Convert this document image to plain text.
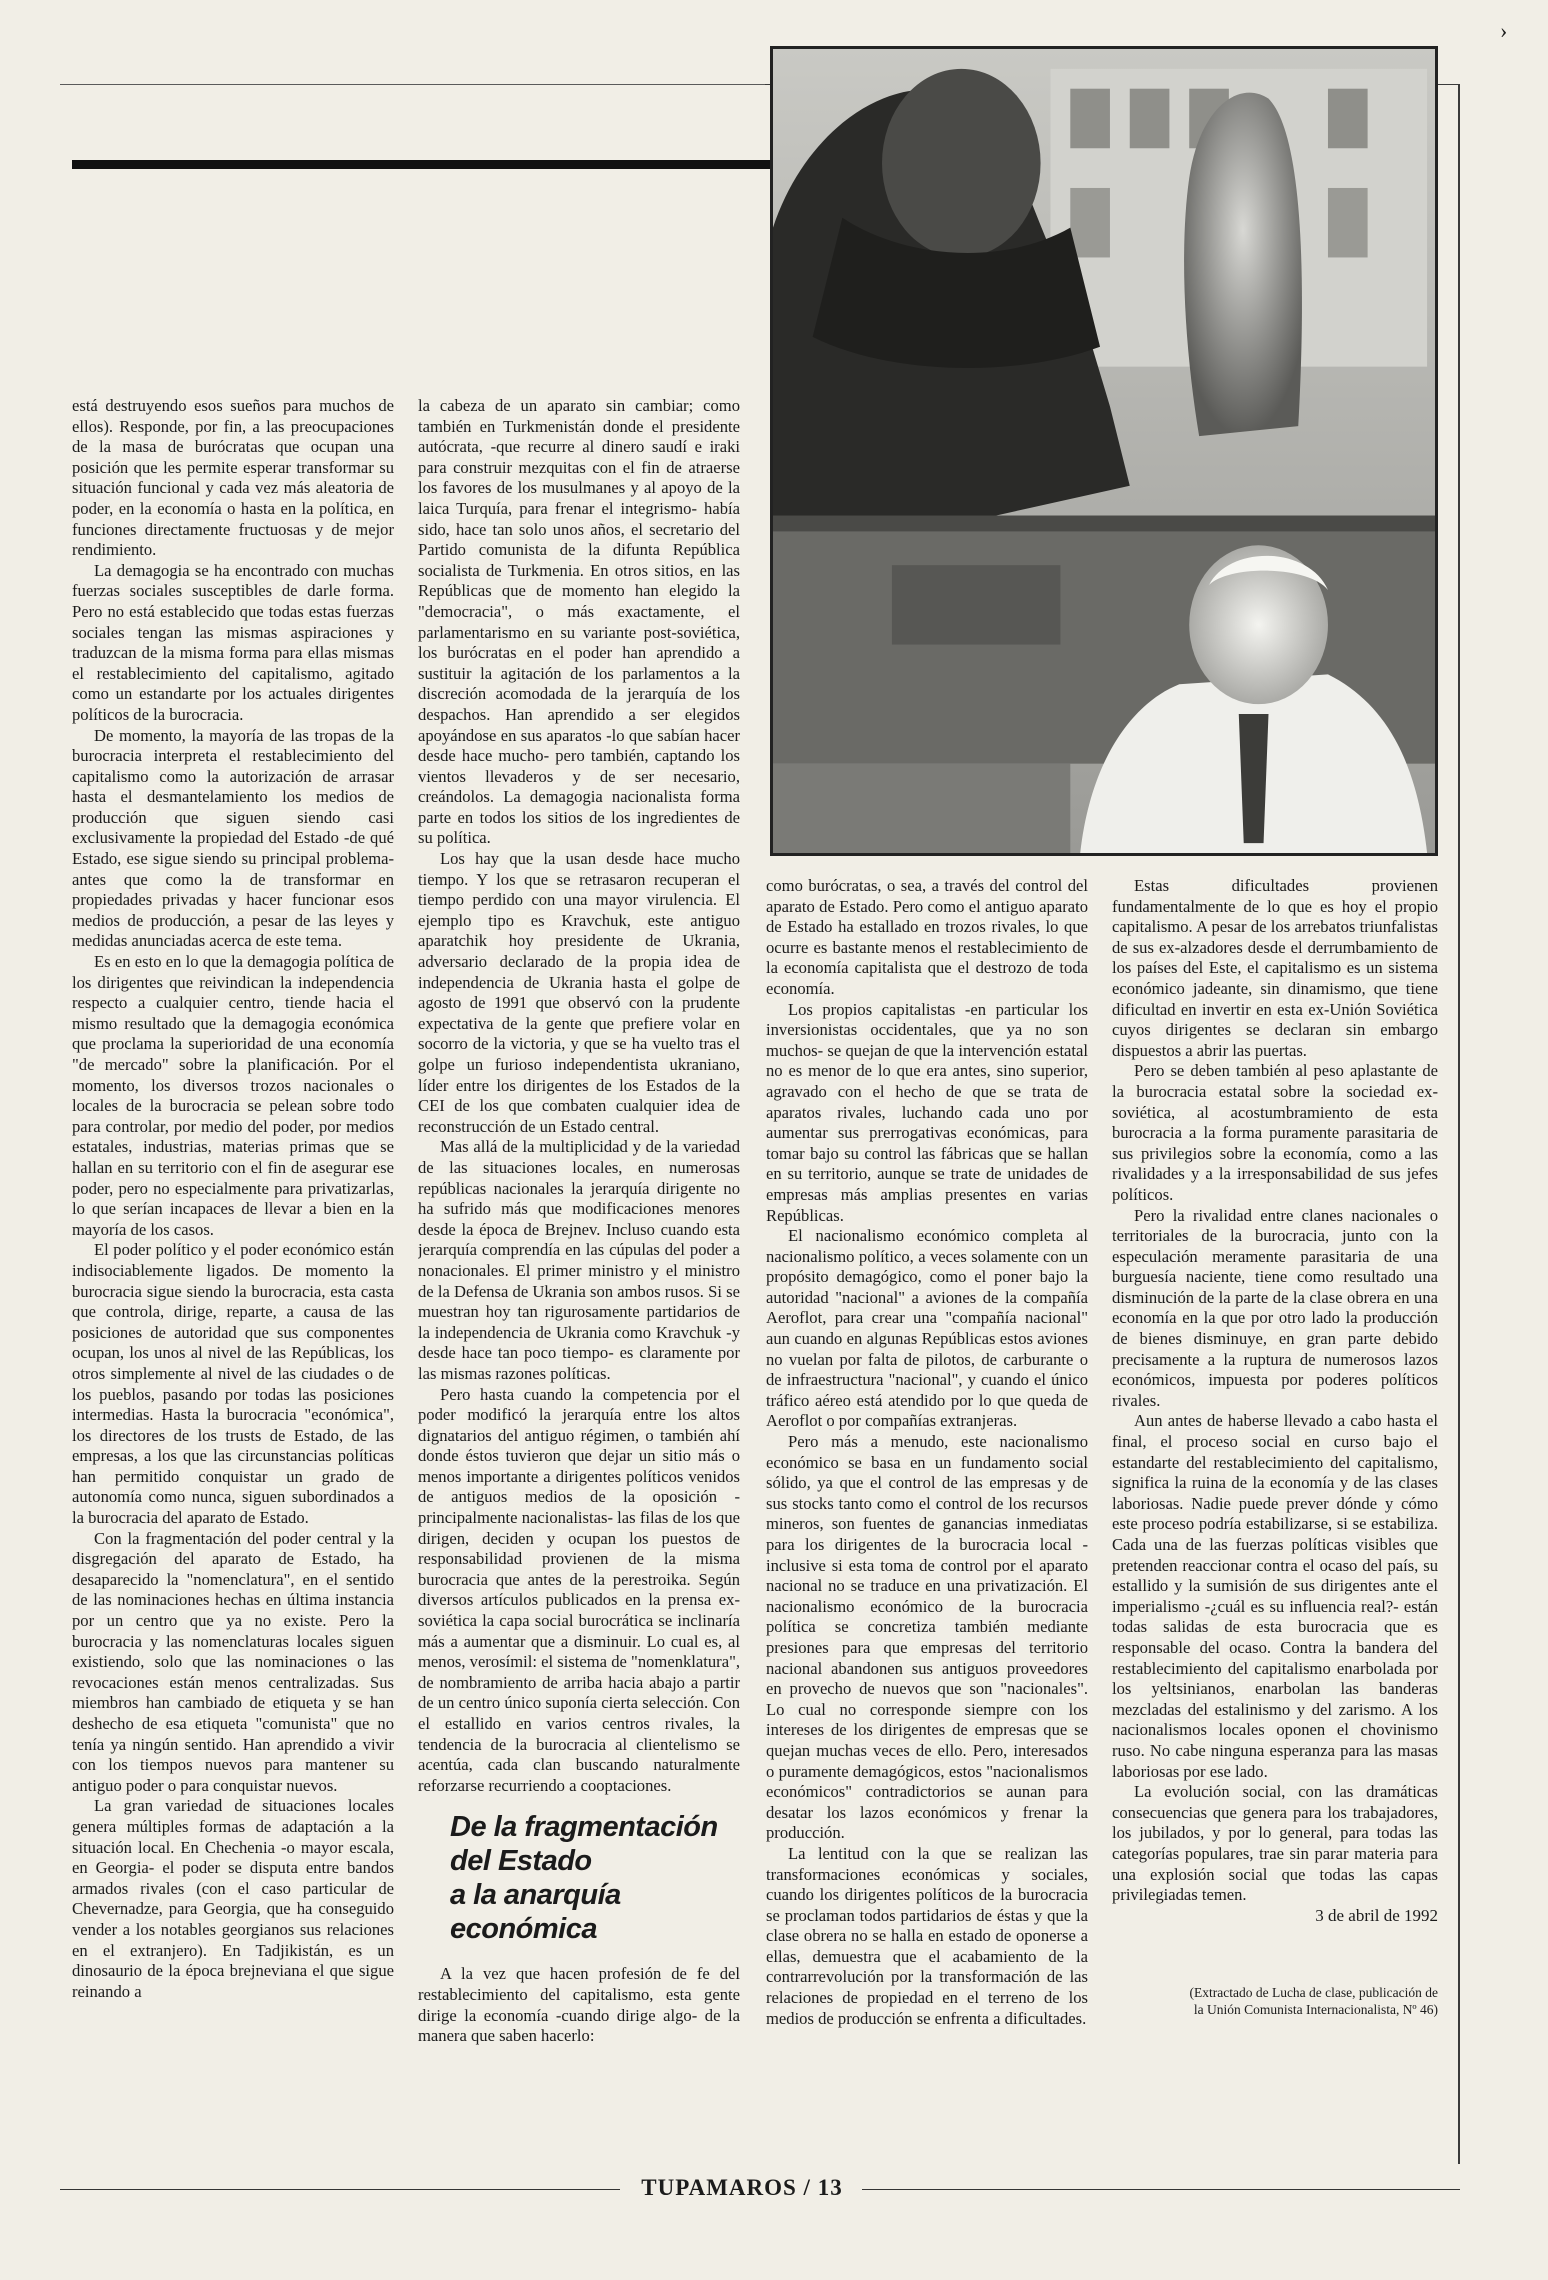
›

está destruyendo esos sueños para muchos de ellos). Responde, por fin, a las preocupaciones de la masa de burócratas que ocupan una posición que les permite esperar transformar su situación funcional y cada vez más aleatoria de poder, en la economía o hasta en la política, en funciones directamente fructuosas y de mejor rendimiento.

La demagogia se ha encontrado con muchas fuerzas sociales susceptibles de darle forma. Pero no está establecido que todas estas fuerzas sociales tengan las mismas aspiraciones y traduzcan de la misma forma para ellas mismas el restablecimiento del capitalismo, agitado como un estandarte por los actuales dirigentes políticos de la burocracia.

De momento, la mayoría de las tropas de la burocracia interpreta el restablecimiento del capitalismo como la autorización de arrasar hasta el desmantelamiento los medios de producción que siguen siendo casi exclusivamente la propiedad del Estado -de qué Estado, ese sigue siendo su principal problema- antes que como la de transformar en propiedades privadas y hacer funcionar esos medios de producción, a pesar de las leyes y medidas anunciadas acerca de este tema.

Es en esto en lo que la demagogia política de los dirigentes que reivindican la independencia respecto a cualquier centro, tiende hacia el mismo resultado que la demagogia económica que proclama la superioridad de una economía "de mercado" sobre la planificación. Por el momento, los diversos trozos nacionales o locales de la burocracia se pelean sobre todo para controlar, por medio del poder, por medios estatales, industrias, materias primas que se hallan en su territorio con el fin de asegurar ese poder, pero no especialmente para privatizarlas, lo que serían incapaces de llevar a bien en la mayoría de los casos.

El poder político y el poder económico están indisociablemente ligados. De momento la burocracia sigue siendo la burocracia, esta casta que controla, dirige, reparte, a causa de las posiciones de autoridad que sus componentes ocupan, los unos al nivel de las Repúblicas, los otros simplemente al nivel de las ciudades o de los pueblos, pasando por todas las posiciones intermedias. Hasta la burocracia "económica", los directores de los trusts de Estado, de las empresas, a los que las circunstancias políticas han permitido conquistar un grado de autonomía como nunca, siguen subordinados a la burocracia del aparato de Estado.

Con la fragmentación del poder central y la disgregación del aparato de Estado, ha desaparecido la "nomenclatura", en el sentido de las nominaciones hechas en última instancia por un centro que ya no existe. Pero la burocracia y las nomenclaturas locales siguen existiendo, solo que las nominaciones o las revocaciones están menos centralizadas. Sus miembros han cambiado de etiqueta y se han deshecho de esa etiqueta "comunista" que no tenía ya ningún sentido. Han aprendido a vivir con los tiempos nuevos para mantener su antiguo poder o para conquistar nuevos.

La gran variedad de situaciones locales genera múltiples formas de adaptación a la situación local. En Chechenia -o mayor escala, en Georgia- el poder se disputa entre bandos armados rivales (con el caso particular de Chevernadze, para Georgia, que ha conseguido vender a los notables georgianos sus relaciones en el extranjero). En Tadjikistán, es un dinosaurio de la época brejneviana el que sigue reinando a

la cabeza de un aparato sin cambiar; como también en Turkmenistán donde el presidente autócrata, -que recurre al dinero saudí e iraki para construir mezquitas con el fin de atraerse los favores de los musulmanes y al apoyo de la laica Turquía, para frenar el integrismo- había sido, hace tan solo unos años, el secretario del Partido comunista de la difunta República socialista de Turkmenia. En otros sitios, en las Repúblicas que de momento han elegido la "democracia", o más exactamente, el parlamentarismo en su variante post-soviética, los burócratas en el poder han aprendido a sustituir la agitación de los parlamentos a la discreción acomodada de la jerarquía de los despachos. Han aprendido a ser elegidos apoyándose en sus aparatos -lo que sabían hacer desde hace mucho- pero también, captando los vientos llevaderos y de ser necesario, creándolos. La demagogia nacionalista forma parte en todos los sitios de los ingredientes de su política.

Los hay que la usan desde hace mucho tiempo. Y los que se retrasaron recuperan el tiempo perdido con una mayor virulencia. El ejemplo tipo es Kravchuk, este antiguo aparatchik hoy presidente de Ukrania, adversario declarado de la propia idea de independencia de Ukrania hasta el golpe de agosto de 1991 que observó con la prudente expectativa de la gente que prefiere volar en socorro de la victoria, y que se ha vuelto tras el golpe un furioso independentista ukraniano, líder entre los dirigentes de los Estados de la CEI de los que combaten cualquier idea de reconstrucción de un Estado central.

Mas allá de la multiplicidad y de la variedad de las situaciones locales, en numerosas repúblicas nacionales la jerarquía dirigente no ha sufrido más que modificaciones menores desde la época de Brejnev. Incluso cuando esta jerarquía comprendía en las cúpulas del poder a nonacionales. El primer ministro y el ministro de la Defensa de Ukrania son ambos rusos. Si se muestran hoy tan rigurosamente partidarios de la independencia de Ukrania como Kravchuk -y desde hace tan poco tiempo- es claramente por las mismas razones políticas.

Pero hasta cuando la competencia por el poder modificó la jerarquía entre los altos dignatarios del antiguo régimen, o también ahí donde éstos tuvieron que dejar un sitio más o menos importante a dirigentes políticos venidos de antiguos medios de la oposición -principalmente nacionalistas- las filas de los que dirigen, deciden y ocupan los puestos de responsabilidad provienen de la misma burocracia que antes de la perestroika. Según diversos artículos publicados en la prensa ex-soviética la capa social burocrática se inclinaría más a aumentar que a disminuir. Lo cual es, al menos, verosímil: el sistema de "nomenklatura", de nombramiento de arriba hacia abajo a partir de un centro único suponía cierta selección. Con el estallido en varios centros rivales, la tendencia de la burocracia al clientelismo se acentúa, cada clan buscando naturalmente reforzarse recurriendo a cooptaciones.

De la fragmentación
del Estado
a la anarquía económica

A la vez que hacen profesión de fe del restablecimiento del capitalismo, esta gente dirige la economía -cuando dirige algo- de la manera que saben hacerlo:

como burócratas, o sea, a través del control del aparato de Estado. Pero como el antiguo aparato de Estado ha estallado en trozos rivales, lo que ocurre es bastante menos el restablecimiento de la economía capitalista que el destrozo de toda economía.

Los propios capitalistas -en particular los inversionistas occidentales, que ya no son muchos- se quejan de que la intervención estatal no es menor de lo que era antes, sino superior, agravado con el hecho de que se trata de aparatos rivales, luchando cada uno por aumentar sus prerrogativas económicas, para tomar bajo su control las fábricas que se hallan en su territorio, aunque se trate de unidades de empresas más amplias presentes en varias Repúblicas.

El nacionalismo económico completa al nacionalismo político, a veces solamente con un propósito demagógico, como el poner bajo la autoridad "nacional" a aviones de la compañía Aeroflot, para crear una "compañía nacional" aun cuando en algunas Repúblicas estos aviones no vuelan por falta de pilotos, de carburante o de infraestructura "nacional", y cuando el único tráfico aéreo está atendido por lo que queda de Aeroflot o por compañías extranjeras.

Pero más a menudo, este nacionalismo económico se basa en un fundamento social sólido, ya que el control de las empresas y de sus stocks tanto como el control de los recursos mineros, son fuentes de ganancias inmediatas para los dirigentes de la burocracia local -inclusive si esta toma de control por el aparato nacional no se traduce en una privatización. El nacionalismo económico de la burocracia política se concretiza también mediante presiones para que empresas del territorio nacional abandonen sus antiguos proveedores en provecho de nuevos que son "nacionales". Lo cual no corresponde siempre con los intereses de los dirigentes de empresas que se quejan muchas veces de ello. Pero, interesados o puramente demagógicos, estos "nacionalismos económicos" contradictorios se aunan para desatar los lazos económicos y frenar la producción.

La lentitud con la que se realizan las transformaciones económicas y sociales, cuando los dirigentes políticos de la burocracia se proclaman todos partidarios de éstas y que la clase obrera no se halla en estado de oponerse a ellas, demuestra que el acabamiento de la contrarrevolución por la transformación de las relaciones de propiedad en el terreno de los medios de producción se enfrenta a dificultades.

Estas dificultades provienen fundamentalmente de lo que es hoy el propio capitalismo. A pesar de los arrebatos triunfalistas de sus ex-alzadores desde el derrumbamiento de los países del Este, el capitalismo es un sistema económico jadeante, sin dinamismo, que tiene dificultad en invertir en esta ex-Unión Soviética cuyos dirigentes se declaran sin embargo dispuestos a abrir las puertas.

Pero se deben también al peso aplastante de la burocracia estatal sobre la sociedad ex-soviética, al acostumbramiento de esta burocracia a la forma puramente parasitaria de sus privilegios sobre la economía, como a las rivalidades y a la irresponsabilidad de sus jefes políticos.

Pero la rivalidad entre clanes nacionales o territoriales de la burocracia, junto con la especulación meramente parasitaria de una burguesía naciente, tiene como resultado una disminución de la parte de la clase obrera en una economía en la que por otro lado la producción de bienes disminuye, en gran parte debido precisamente a la ruptura de numerosos lazos económicos, impuesta por poderes políticos rivales.

Aun antes de haberse llevado a cabo hasta el final, el proceso social en curso bajo el estandarte del restablecimiento del capitalismo, significa la ruina de la economía y de las clases laboriosas. Nadie puede prever dónde y cómo este proceso podría estabilizarse, si se estabiliza. Cada una de las fuerzas políticas visibles que pretenden reaccionar contra el ocaso del país, su estallido y la sumisión de sus dirigentes ante el imperialismo -¿cuál es su influencia real?- están todas salidas de esta burocracia que es responsable del ocaso. Contra la bandera del restablecimiento del capitalismo enarbolada por los yeltsinianos, enarbolan las banderas mezcladas del estalinismo y del zarismo. A los nacionalismos locales oponen el chovinismo ruso. No cabe ninguna esperanza para las masas laboriosas por ese lado.

La evolución social, con las dramáticas consecuencias que genera para los trabajadores, los jubilados, y por lo general, para todas las categorías populares, trae sin parar materia para una explosión social que todas las capas privilegiadas temen.

3 de abril de 1992

(Extractado de Lucha de clase, publicación de
la Unión Comunista Internacionalista, Nº 46)
TUPAMAROS / 13
